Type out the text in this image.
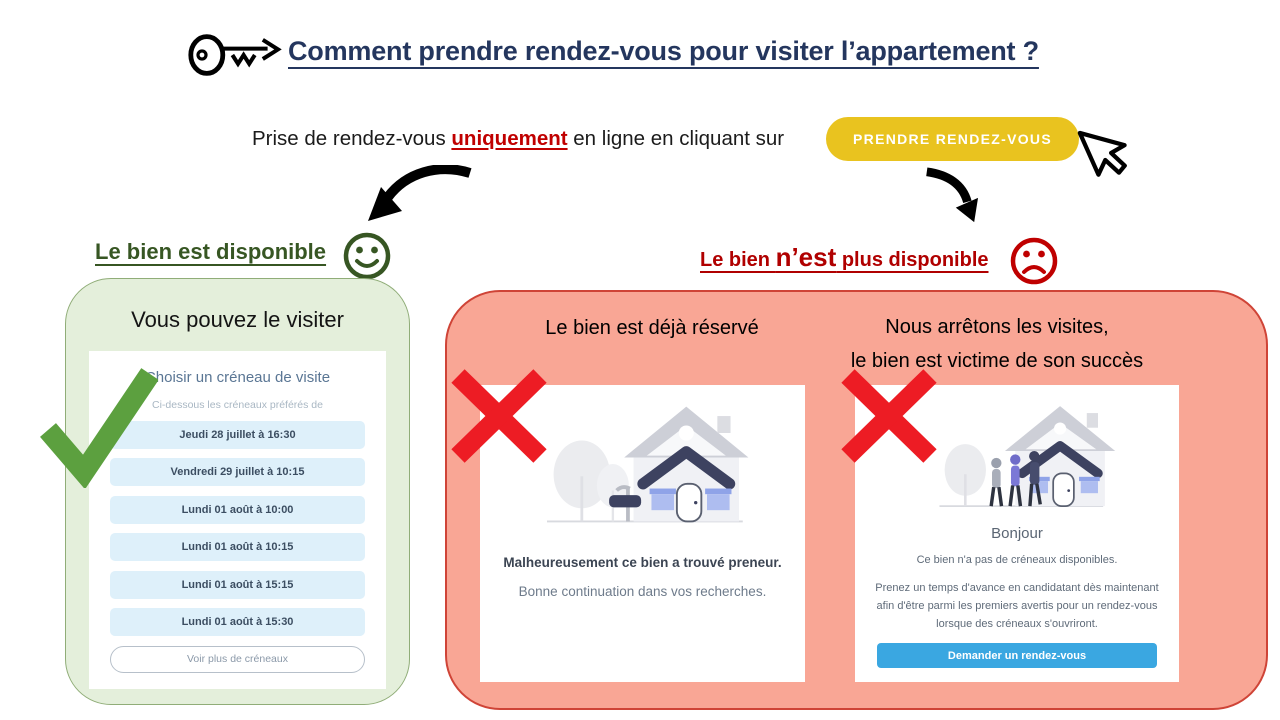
Comment prendre rendez-vous pour visiter l’appartement ?
Prise de rendez-vous uniquement en ligne en cliquant sur	PRENDRE RENDEZ-VOUS
Le bien est disponible
Vous pouvez le visiter
Choisir un créneau de visite
Ci-dessous les créneaux préférés de
Jeudi 28 juillet à 16:30
Vendredi 29 juillet à 10:15
Lundi 01 août à 10:00
Lundi 01 août à 10:15
Lundi 01 août à 15:15
Lundi 01 août à 15:30
Voir plus de créneaux
Le bien n’est plus disponible
Le bien est déjà réservé	Nous arrêtons les visites,
le bien est victime de son succès
Malheureusement ce bien a trouvé preneur.
Bonne continuation dans vos recherches.
Bonjour
Ce bien n'a pas de créneaux disponibles.
Prenez un temps d'avance en candidatant dès maintenant afin d'être parmi les premiers avertis pour un rendez-vous lorsque des créneaux s'ouvriront.
Demander un rendez-vous
